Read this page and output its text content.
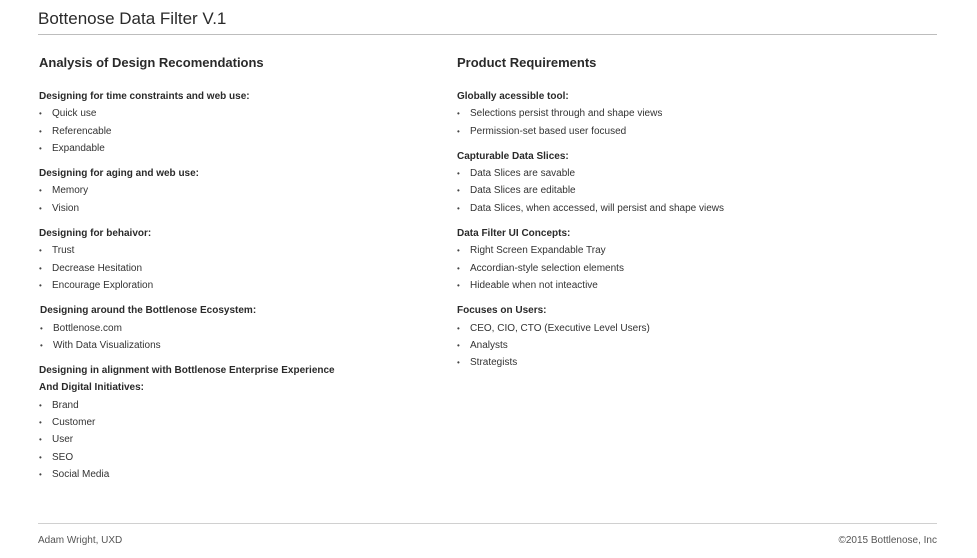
Bottenose Data Filter V.1
Analysis of Design Recomendations
Designing for time constraints and web use:
• Quick use
• Referencable
• Expandable
Designing for aging and web use:
• Memory
• Vision
Designing for behaivor:
• Trust
• Decrease Hesitation
• Encourage Exploration
Designing around the Bottlenose Ecosystem:
• Bottlenose.com
• With Data Visualizations
Designing in alignment with Bottlenose Enterprise Experience
And Digital Initiatives:
• Brand
• Customer
• User
• SEO
• Social Media
Product Requirements
Globally acessible tool:
• Selections persist through and shape views
• Permission-set based user focused
Capturable Data Slices:
• Data Slices are savable
• Data Slices are editable
• Data Slices, when accessed, will persist and shape views
Data Filter UI Concepts:
• Right Screen Expandable Tray
• Accordian-style selection elements
• Hideable when not inteactive
Focuses on Users:
• CEO, CIO, CTO (Executive Level Users)
• Analysts
• Strategists
Adam Wright, UXD	©2015 Bottlenose, Inc
